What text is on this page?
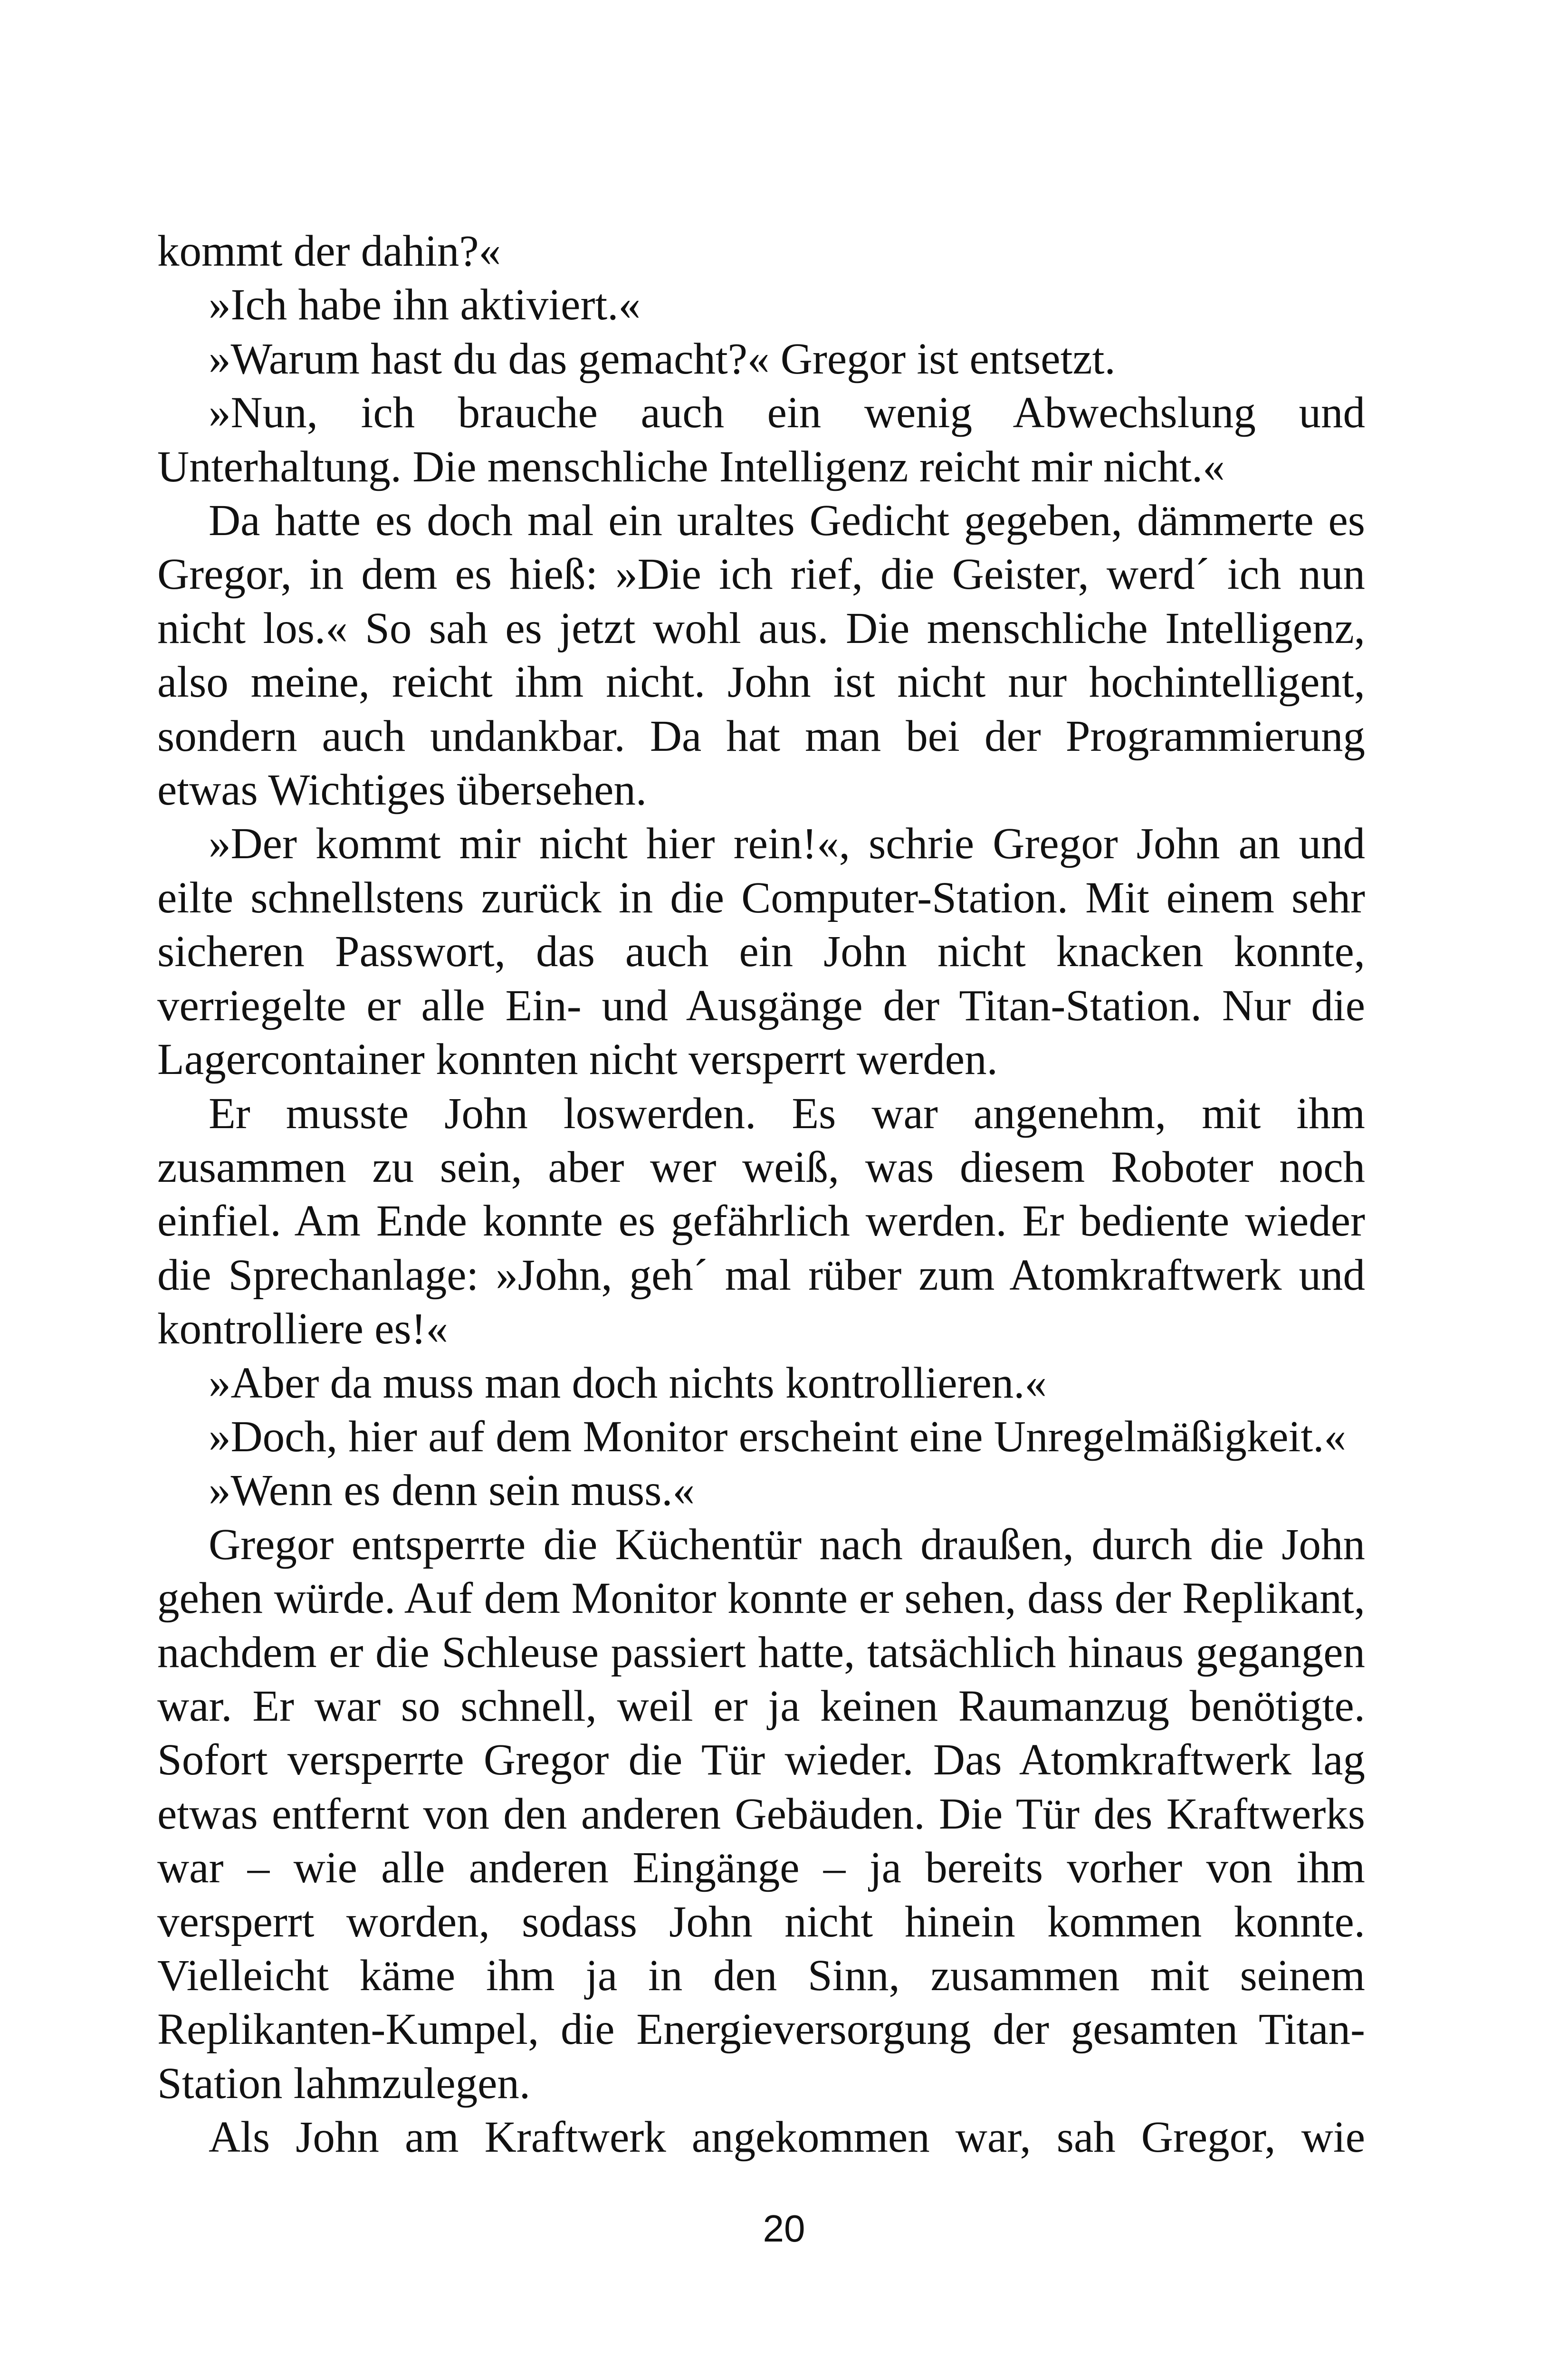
kommt der dahin?«

»Ich habe ihn aktiviert.«

»Warum hast du das gemacht?« Gregor ist entsetzt.

»Nun, ich brauche auch ein wenig Abwechslung und Unterhaltung. Die menschliche Intelligenz reicht mir nicht.«

Da hatte es doch mal ein uraltes Gedicht gegeben, dämmerte es Gregor, in dem es hieß: »Die ich rief, die Geister, werd´ ich nun nicht los.« So sah es jetzt wohl aus. Die menschliche Intelligenz, also meine, reicht ihm nicht. John ist nicht nur hochintelligent, sondern auch undankbar. Da hat man bei der Programmierung etwas Wichtiges übersehen.

»Der kommt mir nicht hier rein!«, schrie Gregor John an und eilte schnellstens zurück in die Computer-Station. Mit einem sehr sicheren Passwort, das auch ein John nicht knacken konnte, verriegelte er alle Ein- und Ausgänge der Titan-Station. Nur die Lagercontainer konnten nicht versperrt werden.

Er musste John loswerden. Es war angenehm, mit ihm zusammen zu sein, aber wer weiß, was diesem Roboter noch einfiel. Am Ende konnte es gefährlich werden. Er bediente wieder die Sprechanlage: »John, geh´ mal rüber zum Atomkraftwerk und kontrolliere es!«

»Aber da muss man doch nichts kontrollieren.«

»Doch, hier auf dem Monitor erscheint eine Unregelmäßigkeit.«

»Wenn es denn sein muss.«

Gregor entsperrte die Küchentür nach draußen, durch die John gehen würde. Auf dem Monitor konnte er sehen, dass der Replikant, nachdem er die Schleuse passiert hatte, tatsächlich hinaus gegangen war. Er war so schnell, weil er ja keinen Raumanzug benötigte. Sofort versperrte Gregor die Tür wieder. Das Atomkraftwerk lag etwas entfernt von den anderen Gebäuden. Die Tür des Kraftwerks war – wie alle anderen Eingänge – ja bereits vorher von ihm versperrt worden, sodass John nicht hinein kommen konnte. Vielleicht käme ihm ja in den Sinn, zusammen mit seinem Replikanten-Kumpel, die Energieversorgung der gesamten Titan-Station lahmzulegen.

Als John am Kraftwerk angekommen war, sah Gregor, wie

20
